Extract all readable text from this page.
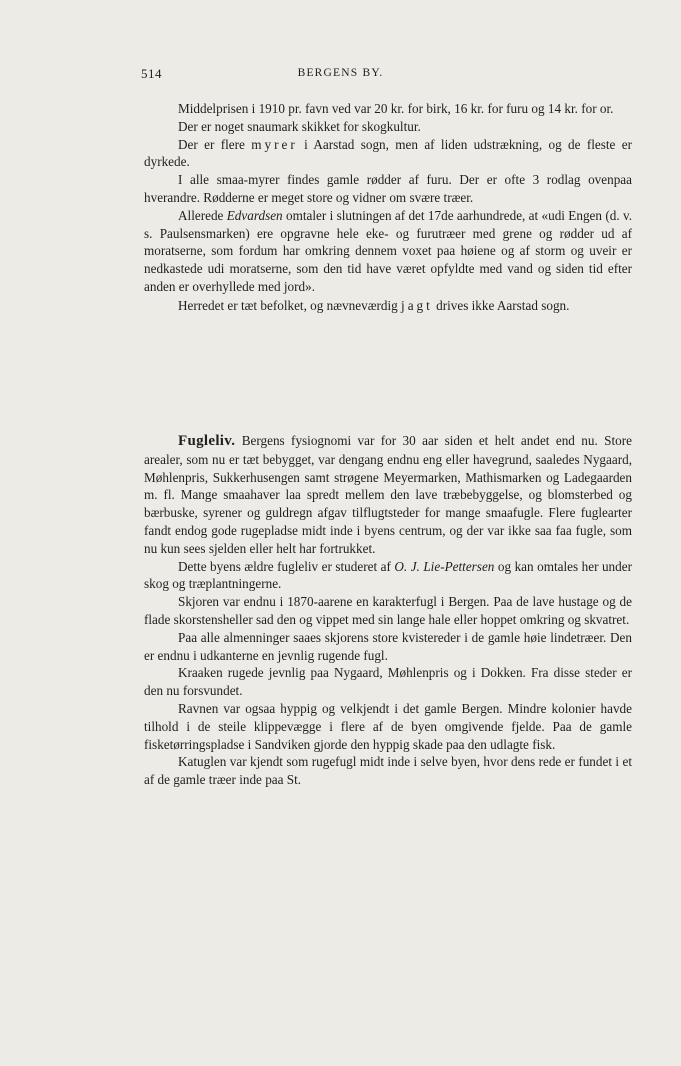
514	BERGENS BY.

Middelprisen i 1910 pr. favn ved var 20 kr. for birk, 16 kr. for furu og 14 kr. for or.

Der er noget snaumark skikket for skogkultur.

Der er flere myrer i Aarstad sogn, men af liden udstrækning, og de fleste er dyrkede.

I alle smaa-myrer findes gamle rødder af furu. Der er ofte 3 rodlag ovenpaa hverandre. Rødderne er meget store og vidner om svære træer.

Allerede Edvardsen omtaler i slutningen af det 17de aarhundrede, at «udi Engen (d. v. s. Paulsensmarken) ere opgravne hele eke- og furutræer med grene og rødder ud af moratserne, som fordum har omkring dennem voxet paa høiene og af storm og uveir er nedkastede udi moratserne, som den tid have været opfyldte med vand og siden tid efter anden er overhyllede med jord».

Herredet er tæt befolket, og nævneværdig jagt drives ikke Aarstad sogn.

Fugleliv. Bergens fysiognomi var for 30 aar siden et helt andet end nu. Store arealer, som nu er tæt bebygget, var dengang endnu eng eller havegrund, saaledes Nygaard, Møhlenpris, Sukkerhusengen samt strøgene Meyermarken, Mathismarken og Ladegaarden m. fl. Mange smaahaver laa spredt mellem den lave træbebyggelse, og blomsterbed og bærbuske, syrener og guldregn afgav tilflugtsteder for mange smaafugle. Flere fuglearter fandt endog gode rugepladse midt inde i byens centrum, og der var ikke saa faa fugle, som nu kun sees sjelden eller helt har fortrukket.

Dette byens ældre fugleliv er studeret af O. J. Lie-Pettersen og kan omtales her under skog og træplantningerne.

Skjoren var endnu i 1870-aarene en karakterfugl i Bergen. Paa de lave hustage og de flade skorstensheller sad den og vippet med sin lange hale eller hoppet omkring og skvatret.

Paa alle almenninger saaes skjorens store kvistereder i de gamle høie lindetræer. Den er endnu i udkanterne en jevnlig rugende fugl.

Kraaken rugede jevnlig paa Nygaard, Møhlenpris og i Dokken. Fra disse steder er den nu forsvundet.

Ravnen var ogsaa hyppig og velkjendt i det gamle Bergen. Mindre kolonier havde tilhold i de steile klippevægge i flere af de byen omgivende fjelde. Paa de gamle fisketørringspladse i Sandviken gjorde den hyppig skade paa den udlagte fisk.

Katuglen var kjendt som rugefugl midt inde i selve byen, hvor dens rede er fundet i et af de gamle træer inde paa St.
